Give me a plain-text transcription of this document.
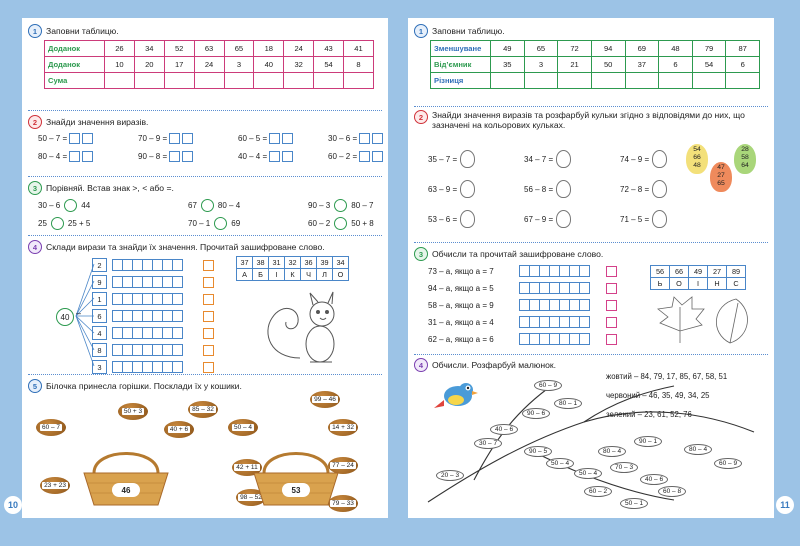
1	Заповни таблицю.
Доданок	26	34	52	63	65	18	24	43	41
Доданок	10	20	17	24	3	40	32	54	8
Сума									
2	Знайди значення виразів.
50 – 7 =	70 – 9 =	60 – 5 =	30 – 6 =
80 – 4 =	90 – 8 =	40 – 4 =	60 – 2 =
3	Порівняй. Встав знак >, < або =.
30 – 6	44	67	80 – 4	90 – 3	80 – 7
25	25 + 5	70 – 1	69	60 – 2	50 + 8
4	Склади вирази та знайди їх значення. Прочитай зашифроване слово.
40 –
2
9
1
6
4
8
3
37	38	31	32	36	39	34
А	Б	І	К	Ч	Л	О
5	Білочка принесла горішки. Посклади їх у кошики.
50 + 3	85 – 32
99 – 46
60 – 7	40 + 6	50 – 4	14 + 32
42 + 11	77 – 24
23 + 23
98 – 52
79 – 33
46	53
10
1	Заповни таблицю.
Зменшуване	49	65	72	94	69	48	79	87
Від’ємник	35	3	21	50	37	6	54	6
Різниця								
2	Знайди значення виразів та розфарбуй кульки згідно з відповідями до них, що зазначені на кольорових кульках.
35 – 7 =	34 – 7 =	74 – 9 =
63 – 9 =	56 – 8 =	72 – 8 =
53 – 6 =	67 – 9 =	71 – 5 =
54
66
48	47
27
65
28
58
64
3	Обчисли та прочитай зашифроване слово.
73 – а, якщо а = 7
94 – а, якщо а = 5
58 – а, якщо а = 9
31 – а, якщо а = 4
62 – а, якщо а = 6
56	66	49	27	89
Ь	О	І	Н	С
4	Обчисли. Розфарбуй малюнок.
жовтий – 84, 79, 17, 85, 67, 58, 51
червоний – 46, 35, 49, 34, 25
зелений – 23, 61, 52, 76
60 – 9
80 – 1
90 – 6
40 – 6
30 – 7
90 – 5
50 – 4
80 – 4
90 – 1
60 – 9
20 – 3
70 – 3
40 – 6
60 – 2	60 – 8
50 – 1
80 – 4
50 – 4
11
